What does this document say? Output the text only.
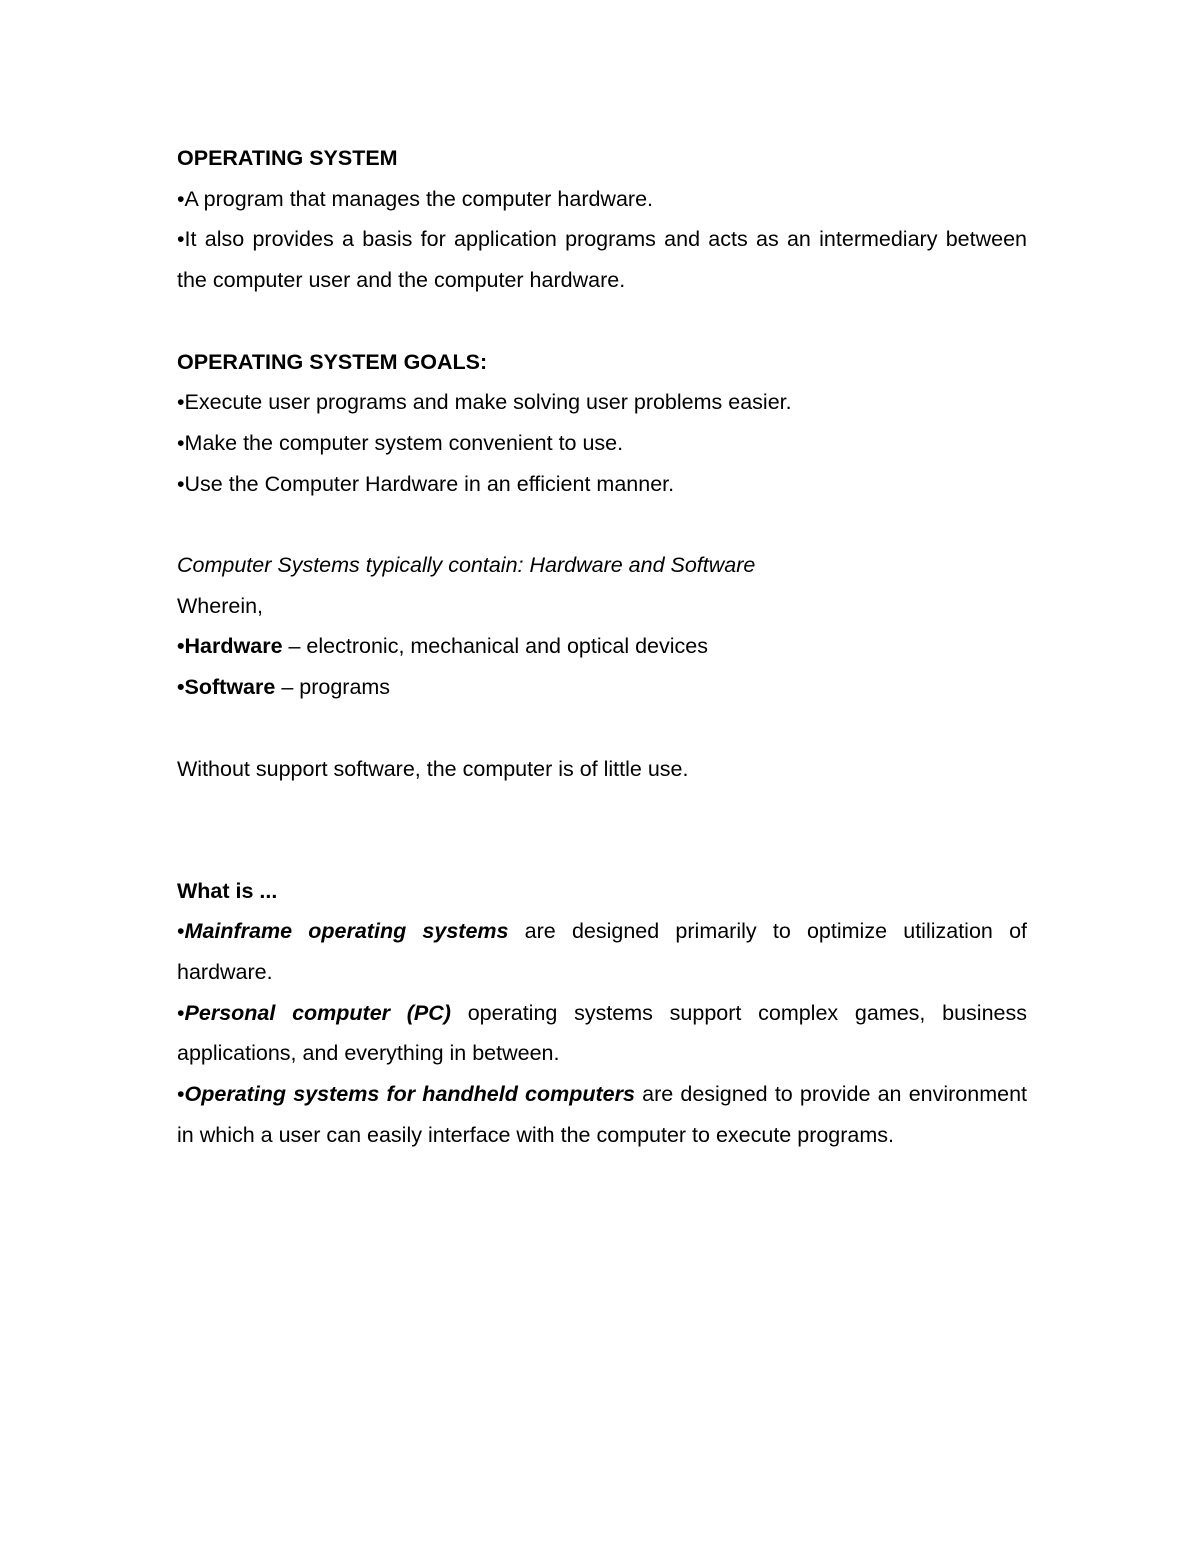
OPERATING SYSTEM

•A program that manages the computer hardware.

•It also provides a basis for application programs and acts as an intermediary between the computer user and the computer hardware.

OPERATING SYSTEM GOALS:

•Execute user programs and make solving user problems easier.

•Make the computer system convenient to use.

•Use the Computer Hardware in an efficient manner.

Computer Systems typically contain: Hardware and Software

Wherein,

•Hardware – electronic, mechanical and optical devices

•Software – programs

Without support software, the computer is of little use.

What is ...

•Mainframe operating systems are designed primarily to optimize utilization of hardware.

•Personal computer (PC) operating systems support complex games, business applications, and everything in between.

•Operating systems for handheld computers are designed to provide an environment in which a user can easily interface with the computer to execute programs.
